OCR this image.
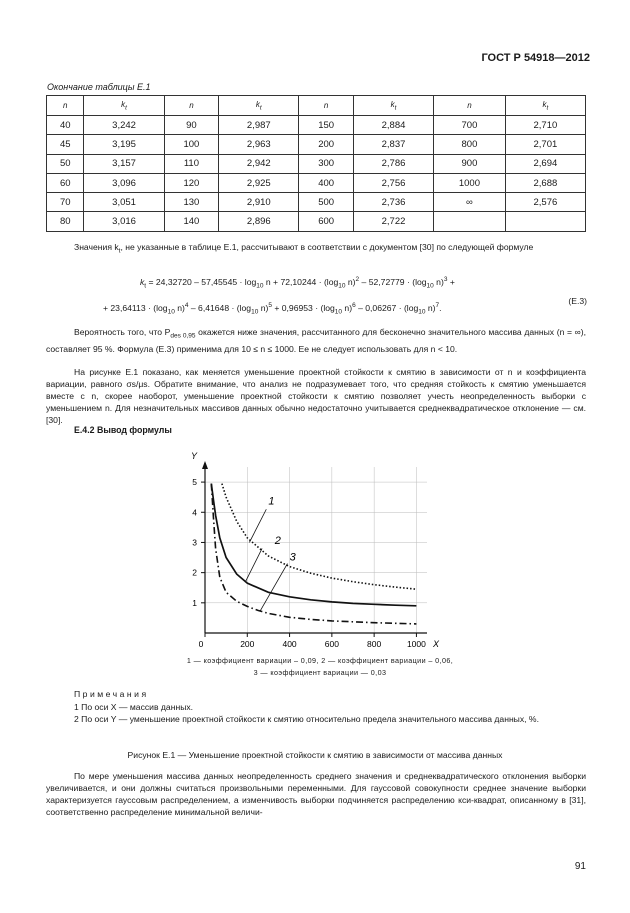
ГОСТ Р 54918—2012
Окончание таблицы Е.1
n	$k_t$	n	$k_t$	n	$k_t$	n	$k_t$
40	3,242	90	2,987	150	2,884	700	2,710
45	3,195	100	2,963	200	2,837	800	2,701
50	3,157	110	2,942	300	2,786	900	2,694
60	3,096	120	2,925	400	2,756	1000	2,688
70	3,051	130	2,910	500	2,736	∞	2,576
80	3,016	140	2,896	600	2,722		
Значения $k_t$, не указанные в таблице Е.1, рассчитывают в соответствии с документом [30] по следующей формуле
$k_t = 24,32720 - 57,45545 \cdot \log_{10} n + 72,10244 \cdot (\log_{10}$ $n)^2 - 52,72779 \cdot (\log_{10}$ n)$^3$ +
+ $23,64113 \cdot (\log_{10}$ $n)^4 - 6,41648 \cdot (\log_{10}$ $n)^5 + 0,96953 \cdot (\log_{10}$ $n)^6 - 0,06267 \cdot (\log_{10}$ n)$^7$.
(Е.3)
Вероятность того, что $P_{des 0,95}$ окажется ниже значения, рассчитанного для бесконечно значительного массива данных (n = ∞), составляет 95 %. Формула (Е.3) применима для 10 ≤ n ≤ 1000. Ее не следует использовать для n < 10.
На рисунке Е.1 показано, как меняется уменьшение проектной стойкости к смятию в зависимости от n и коэффициента вариации, равного σs/μs. Обратите внимание, что анализ не подразумевает того, что средняя стойкость к смятию уменьшается вместе с n, скорее наоборот, уменьшение проектной стойкости к смятию позволяет учесть неопределенность выборки с уменьшением n. Для незначительных массивов данных обычно недостаточно учитывается среднеквадратическое отклонение — см. [30].
Е.4.2 Вывод формулы
1
2
3
4
5
0	200	400	600	800	1000 X
Y
1
2
3
1 — коэффициент вариации – 0,09, 2 — коэффициент вариации – 0,06,
3 — коэффициент вариации — 0,03
Примечания
1 По оси X — массив данных.
2 По оси Y — уменьшение проектной стойкости к смятию относительно предела значительного массива данных, %.
Рисунок Е.1 — Уменьшение проектной стойкости к смятию в зависимости от массива данных
По мере уменьшения массива данных неопределенность среднего значения и среднеквадратического отклонения выборки увеличивается, и они должны считаться произвольными переменными. Для гауссовой совокупности среднее значение выборки характеризуется гауссовым распределением, а изменчивость выборки подчиняется распределению кси-квадрат, описанному в [31], соответственно распределение минимальной величи-
91
